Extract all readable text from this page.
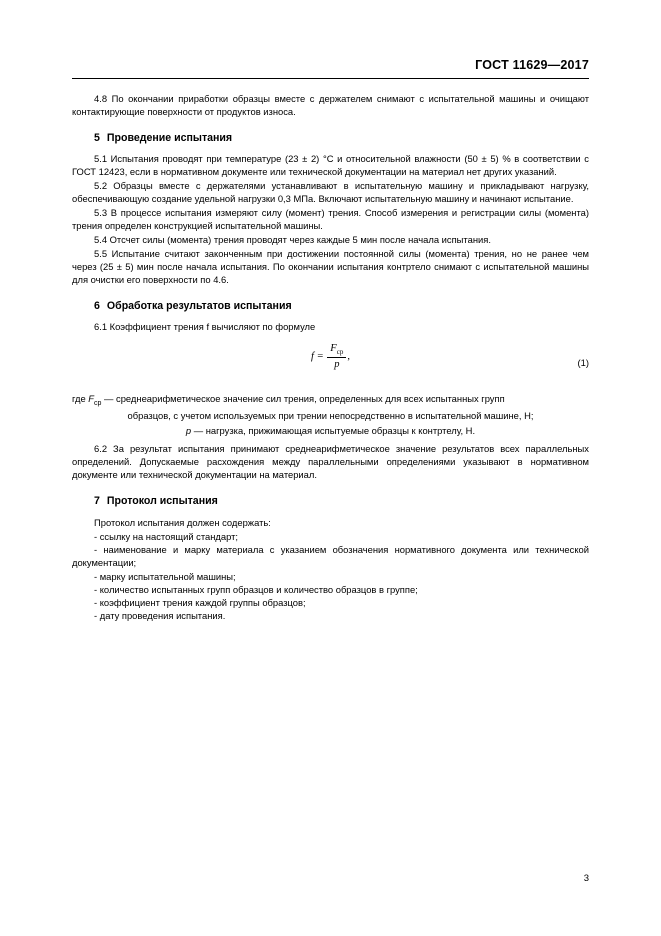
ГОСТ 11629—2017

4.8 По окончании приработки образцы вместе с держателем снимают с испытательной машины и очищают контактирующие поверхности от продуктов износа.

5 Проведение испытания

5.1 Испытания проводят при температуре (23 ± 2) °C и относительной влажности (50 ± 5) % в соответствии с ГОСТ 12423, если в нормативном документе или технической документации на материал нет других указаний.

5.2 Образцы вместе с держателями устанавливают в испытательную машину и прикладывают нагрузку, обеспечивающую создание удельной нагрузки 0,3 МПа. Включают испытательную машину и начинают испытание.

5.3 В процессе испытания измеряют силу (момент) трения. Способ измерения и регистрации силы (момента) трения определен конструкцией испытательной машины.

5.4 Отсчет силы (момента) трения проводят через каждые 5 мин после начала испытания.

5.5 Испытание считают законченным при достижении постоянной силы (момента) трения, но не ранее чем через (25 ± 5) мин после начала испытания. По окончании испытания контртело снимают с испытательной машины для очистки его поверхности по 4.6.

6 Обработка результатов испытания

6.1 Коэффициент трения f вычисляют по формуле

$f = \frac{F_{ср}}{p}$ ,
(1)

где $F_{ср}$ — среднеарифметическое значение сил трения, определенных для всех испытанных групп

образцов, с учетом используемых при трении непосредственно в испытательной машине, Н;

p — нагрузка, прижимающая испытуемые образцы к контртелу, Н.

6.2 За результат испытания принимают среднеарифметическое значение результатов всех параллельных определений. Допускаемые расхождения между параллельными определениями указывают в нормативном документе или технической документации на материал.

7 Протокол испытания

Протокол испытания должен содержать:

- ссылку на настоящий стандарт;

- наименование и марку материала с указанием обозначения нормативного документа или технической документации;

- марку испытательной машины;

- количество испытанных групп образцов и количество образцов в группе;

- коэффициент трения каждой группы образцов;

- дату проведения испытания.

3
